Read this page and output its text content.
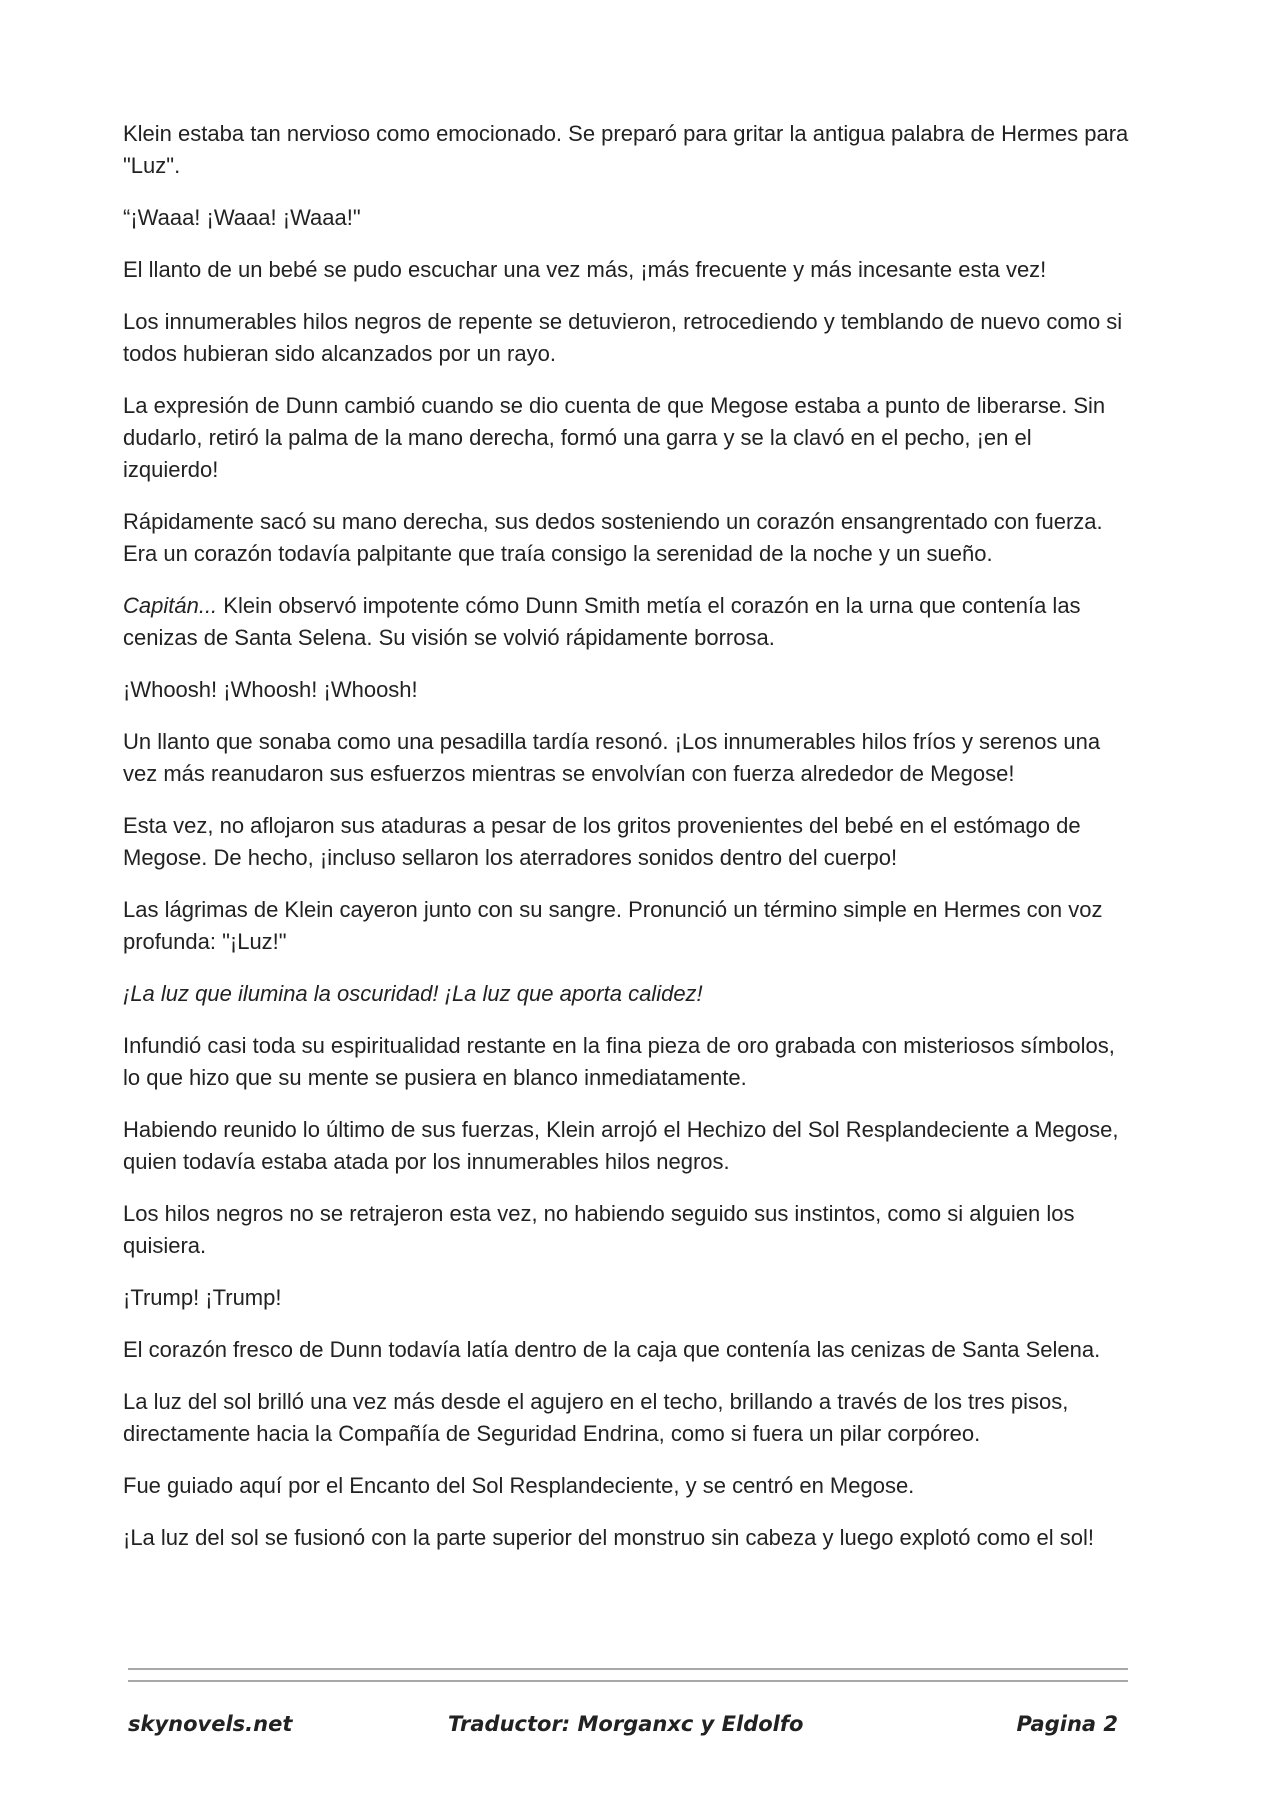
Klein estaba tan nervioso como emocionado. Se preparó para gritar la antigua palabra de Hermes para "Luz".

“¡Waaa! ¡Waaa! ¡Waaa!"

El llanto de un bebé se pudo escuchar una vez más, ¡más frecuente y más incesante esta vez!

Los innumerables hilos negros de repente se detuvieron, retrocediendo y temblando de nuevo como si todos hubieran sido alcanzados por un rayo.

La expresión de Dunn cambió cuando se dio cuenta de que Megose estaba a punto de liberarse. Sin dudarlo, retiró la palma de la mano derecha, formó una garra y se la clavó en el pecho, ¡en el izquierdo!

Rápidamente sacó su mano derecha, sus dedos sosteniendo un corazón ensangrentado con fuerza. Era un corazón todavía palpitante que traía consigo la serenidad de la noche y un sueño.

Capitán... Klein observó impotente cómo Dunn Smith metía el corazón en la urna que contenía las cenizas de Santa Selena. Su visión se volvió rápidamente borrosa.

¡Whoosh! ¡Whoosh! ¡Whoosh!

Un llanto que sonaba como una pesadilla tardía resonó. ¡Los innumerables hilos fríos y serenos una vez más reanudaron sus esfuerzos mientras se envolvían con fuerza alrededor de Megose!

Esta vez, no aflojaron sus ataduras a pesar de los gritos provenientes del bebé en el estómago de Megose. De hecho, ¡incluso sellaron los aterradores sonidos dentro del cuerpo!

Las lágrimas de Klein cayeron junto con su sangre. Pronunció un término simple en Hermes con voz profunda: "¡Luz!"

¡La luz que ilumina la oscuridad! ¡La luz que aporta calidez!

Infundió casi toda su espiritualidad restante en la fina pieza de oro grabada con misteriosos símbolos, lo que hizo que su mente se pusiera en blanco inmediatamente.

Habiendo reunido lo último de sus fuerzas, Klein arrojó el Hechizo del Sol Resplandeciente a Megose, quien todavía estaba atada por los innumerables hilos negros.

Los hilos negros no se retrajeron esta vez, no habiendo seguido sus instintos, como si alguien los quisiera.

¡Trump! ¡Trump!

El corazón fresco de Dunn todavía latía dentro de la caja que contenía las cenizas de Santa Selena.

La luz del sol brilló una vez más desde el agujero en el techo, brillando a través de los tres pisos, directamente hacia la Compañía de Seguridad Endrina, como si fuera un pilar corpóreo.

Fue guiado aquí por el Encanto del Sol Resplandeciente, y se centró en Megose.

¡La luz del sol se fusionó con la parte superior del monstruo sin cabeza y luego explotó como el sol!

skynovels.net	Traductor: Morganxc y Eldolfo	Pagina 2
